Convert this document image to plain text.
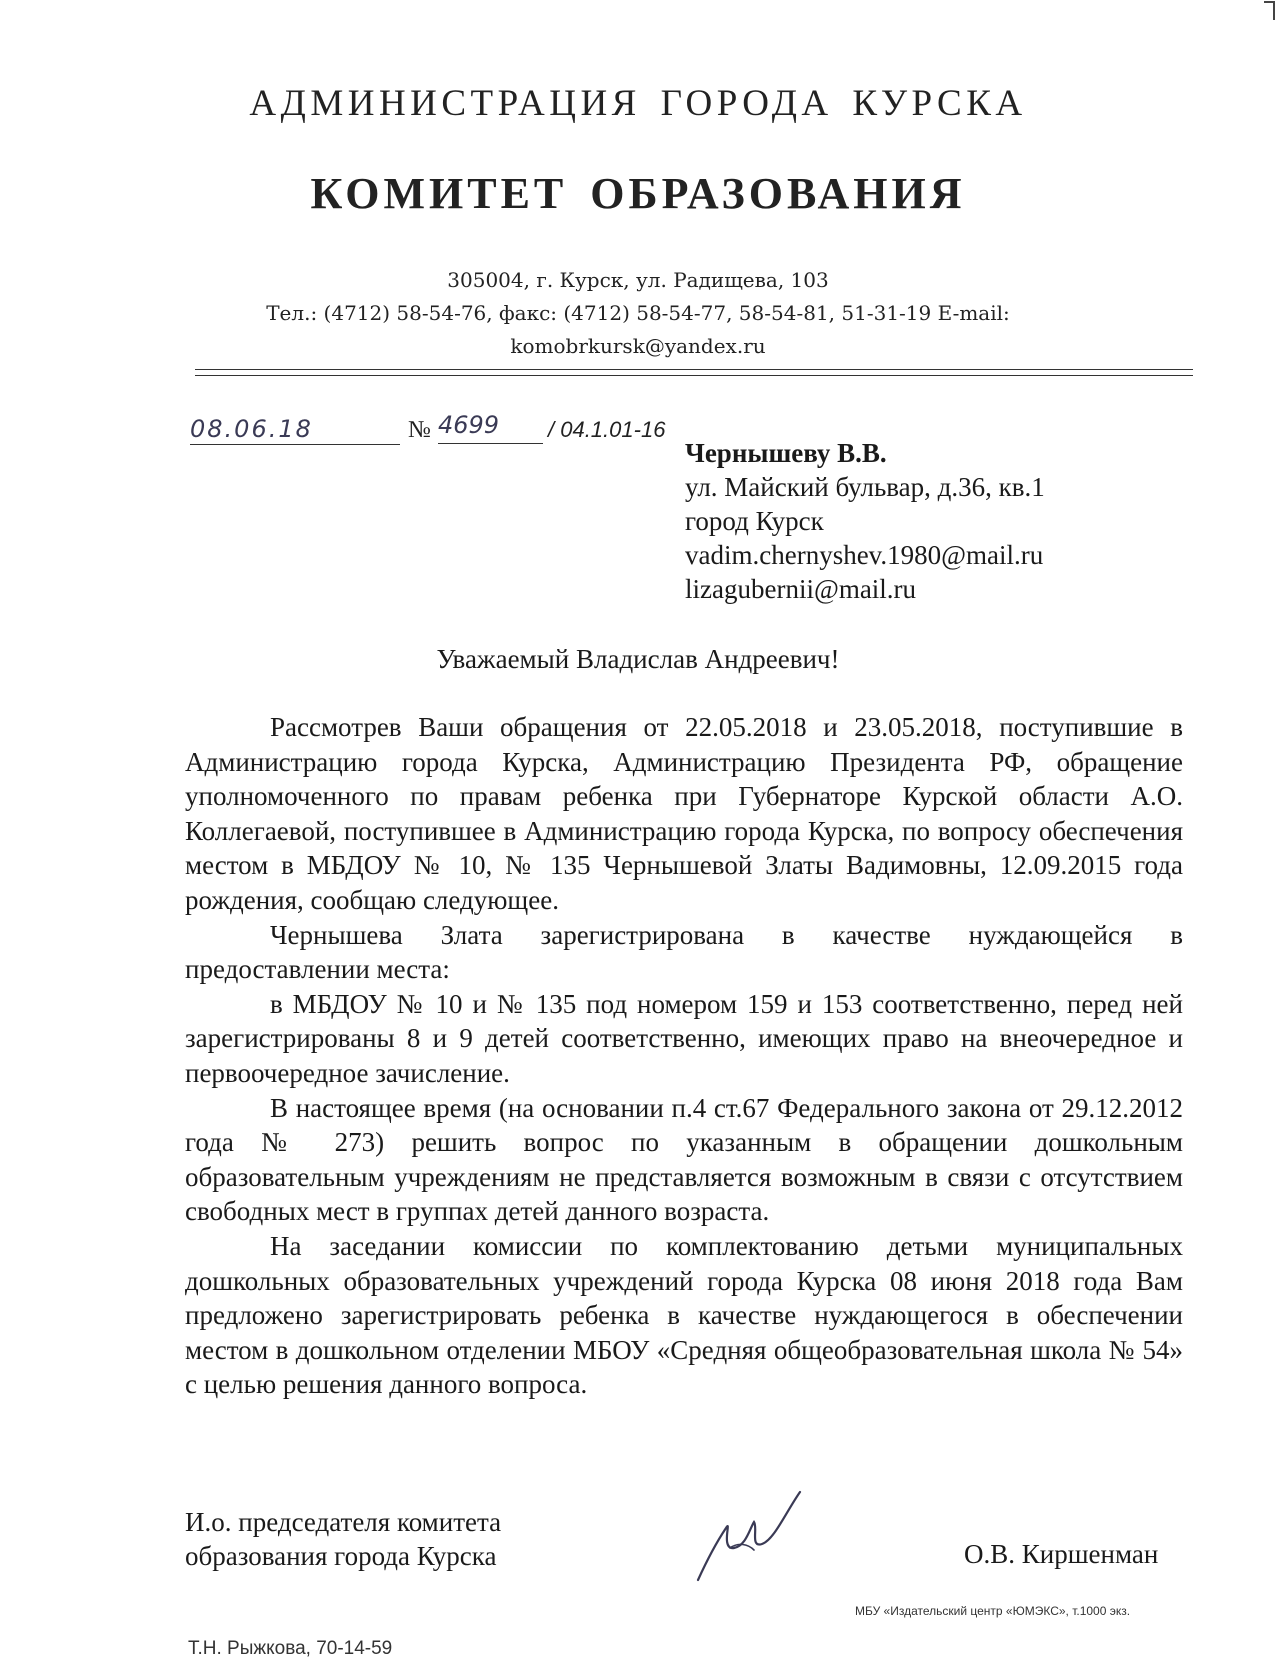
АДМИНИСТРАЦИЯ ГОРОДА КУРСКА
КОМИТЕТ ОБРАЗОВАНИЯ
305004, г. Курск, ул. Радищева, 103
Тел.: (4712) 58-54-76, факс: (4712) 58-54-77, 58-54-81, 51-31-19 E-mail:
komobrkursk@yandex.ru
08.06.18	№ 4699	/ 04.1.01-16
Чернышеву В.В.
ул. Майский бульвар, д.36, кв.1
город Курск
vadim.chernyshev.1980@mail.ru
lizagubernii@mail.ru
Уважаемый Владислав Андреевич!

Рассмотрев Ваши обращения от 22.05.2018 и 23.05.2018, поступившие в Администрацию города Курска, Администрацию Президента РФ, обращение уполномоченного по правам ребенка при Губернаторе Курской области А.О. Коллегаевой, поступившее в Администрацию города Курска, по вопросу обеспечения местом в МБДОУ № 10, № 135 Чернышевой Златы Вадимовны, 12.09.2015 года рождения, сообщаю следующее.

Чернышева Злата зарегистрирована в качестве нуждающейся в предоставлении места:

в МБДОУ № 10 и № 135 под номером 159 и 153 соответственно, перед ней зарегистрированы 8 и 9 детей соответственно, имеющих право на внеочередное и первоочередное зачисление.

В настоящее время (на основании п.4 ст.67 Федерального закона от 29.12.2012 года № 273) решить вопрос по указанным в обращении дошкольным образовательным учреждениям не представляется возможным в связи с отсутствием свободных мест в группах детей данного возраста.

На заседании комиссии по комплектованию детьми муниципальных дошкольных образовательных учреждений города Курска 08 июня 2018 года Вам предложено зарегистрировать ребенка в качестве нуждающегося в обеспечении местом в дошкольном отделении МБОУ «Средняя общеобразовательная школа № 54» с целью решения данного вопроса.

И.о. председателя комитета
образования города Курска	О.В. Киршенман
МБУ «Издательский центр «ЮМЭКС», т.1000 экз.
Т.Н. Рыжкова, 70-14-59
